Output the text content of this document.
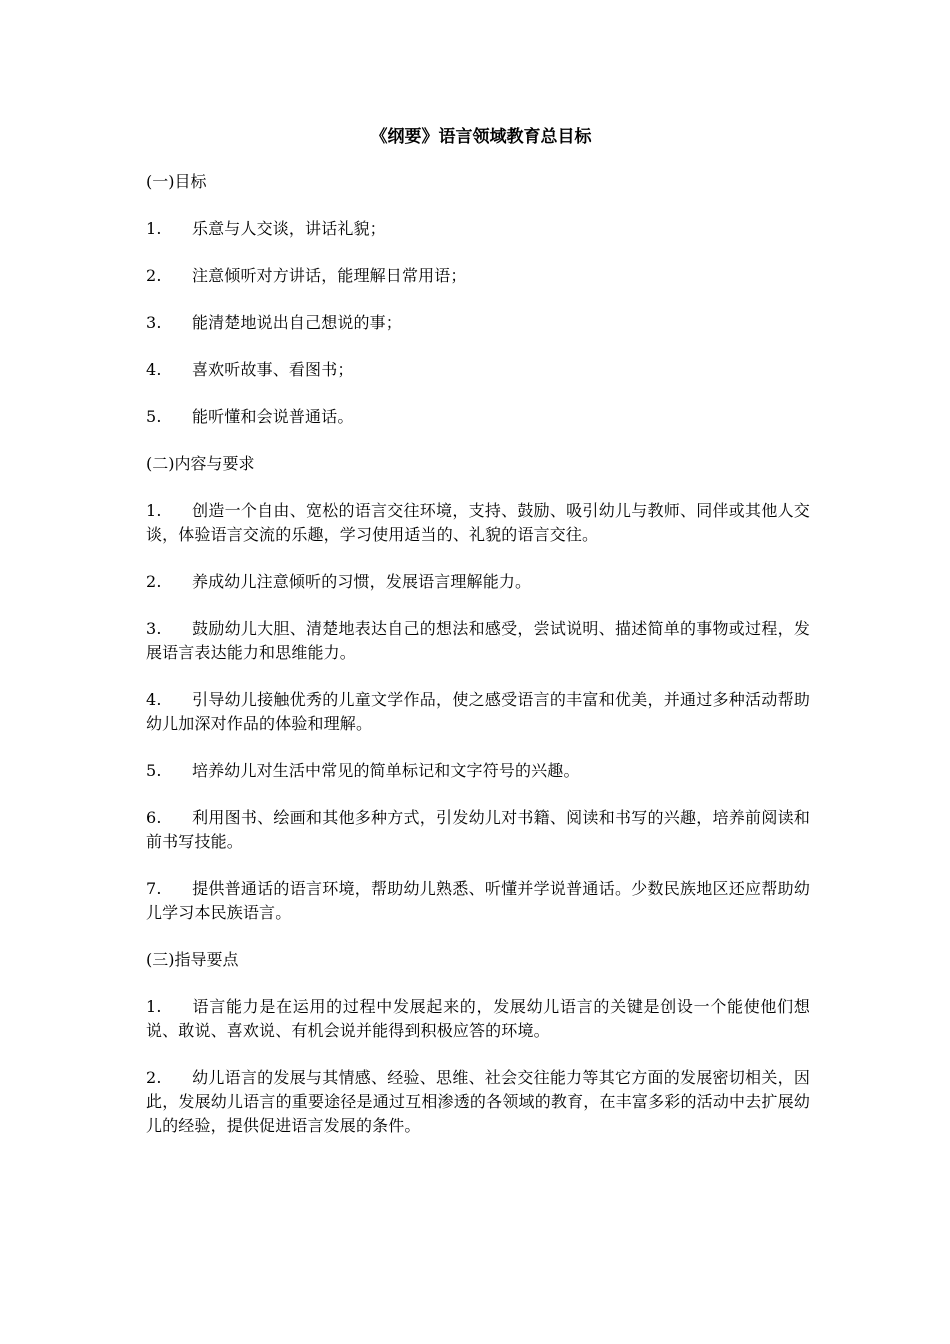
《纲要》语言领域教育总目标
(一)目标
1. 乐意与人交谈，讲话礼貌；
2. 注意倾听对方讲话，能理解日常用语；
3. 能清楚地说出自己想说的事；
4. 喜欢听故事、看图书；
5. 能听懂和会说普通话。
(二)内容与要求
1. 创造一个自由、宽松的语言交往环境，支持、鼓励、吸引幼儿与教师、同伴或其他人交谈，体验语言交流的乐趣，学习使用适当的、礼貌的语言交往。
2. 养成幼儿注意倾听的习惯，发展语言理解能力。
3. 鼓励幼儿大胆、清楚地表达自己的想法和感受，尝试说明、描述简单的事物或过程，发展语言表达能力和思维能力。
4. 引导幼儿接触优秀的儿童文学作品，使之感受语言的丰富和优美，并通过多种活动帮助幼儿加深对作品的体验和理解。
5. 培养幼儿对生活中常见的简单标记和文字符号的兴趣。
6. 利用图书、绘画和其他多种方式，引发幼儿对书籍、阅读和书写的兴趣，培养前阅读和前书写技能。
7. 提供普通话的语言环境，帮助幼儿熟悉、听懂并学说普通话。少数民族地区还应帮助幼儿学习本民族语言。
(三)指导要点
1. 语言能力是在运用的过程中发展起来的，发展幼儿语言的关键是创设一个能使他们想说、敢说、喜欢说、有机会说并能得到积极应答的环境。
2. 幼儿语言的发展与其情感、经验、思维、社会交往能力等其它方面的发展密切相关，因此，发展幼儿语言的重要途径是通过互相渗透的各领域的教育，在丰富多彩的活动中去扩展幼儿的经验，提供促进语言发展的条件。
